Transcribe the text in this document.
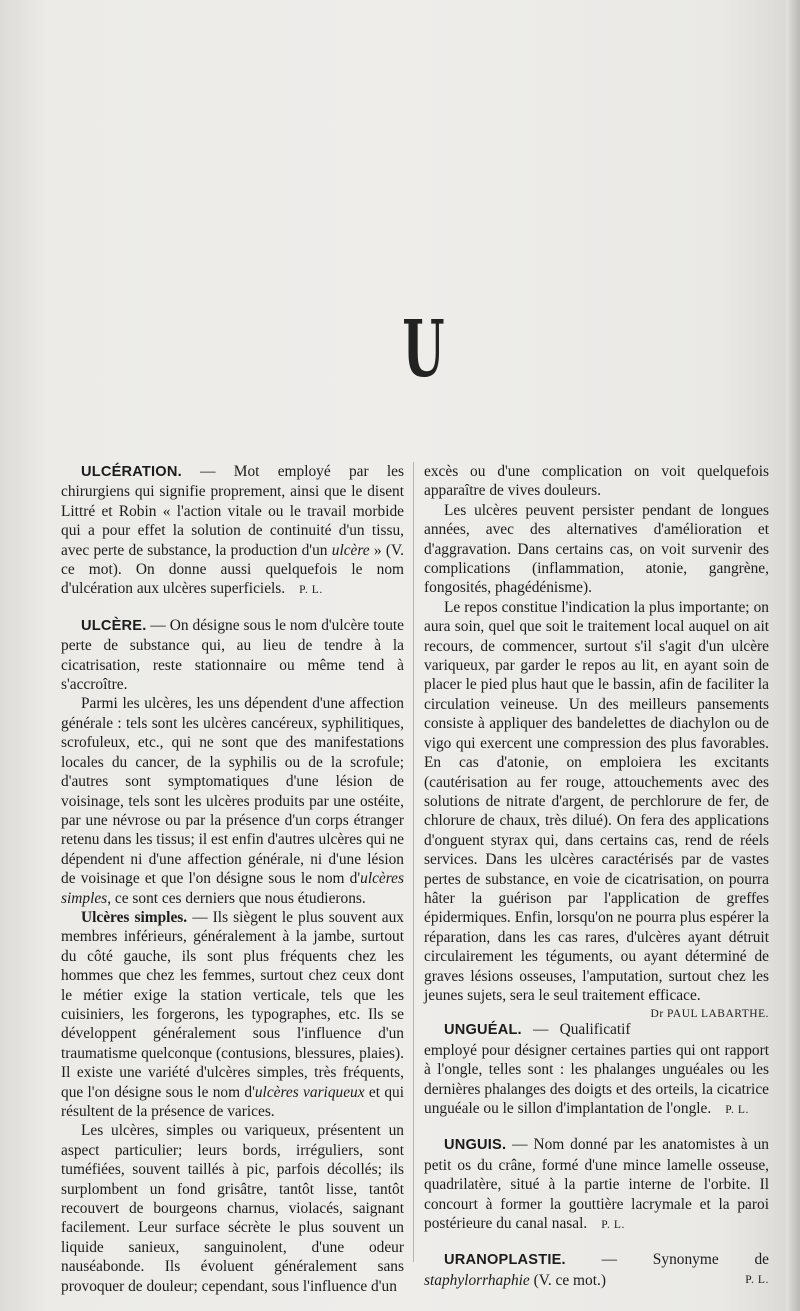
U

ULCÉRATION. — Mot employé par les chirurgiens qui signifie proprement, ainsi que le disent Littré et Robin « l'action vitale ou le travail morbide qui a pour effet la solution de continuité d'un tissu, avec perte de substance, la production d'un ulcère » (V. ce mot). On donne aussi quelquefois le nom d'ulcération aux ulcères superficiels. P. L.

ULCÈRE. — On désigne sous le nom d'ulcère toute perte de substance qui, au lieu de tendre à la cicatrisation, reste stationnaire ou même tend à s'accroître.

Parmi les ulcères, les uns dépendent d'une affection générale : tels sont les ulcères cancéreux, syphilitiques, scrofuleux, etc., qui ne sont que des manifestations locales du cancer, de la syphilis ou de la scrofule; d'autres sont symptomatiques d'une lésion de voisinage, tels sont les ulcères produits par une ostéite, par une névrose ou par la présence d'un corps étranger retenu dans les tissus; il est enfin d'autres ulcères qui ne dépendent ni d'une affection générale, ni d'une lésion de voisinage et que l'on désigne sous le nom d'ulcères simples, ce sont ces derniers que nous étudierons.

Ulcères simples. — Ils siègent le plus souvent aux membres inférieurs, généralement à la jambe, surtout du côté gauche, ils sont plus fréquents chez les hommes que chez les femmes, surtout chez ceux dont le métier exige la station verticale, tels que les cuisiniers, les forgerons, les typographes, etc. Ils se développent généralement sous l'influence d'un traumatisme quelconque (contusions, blessures, plaies). Il existe une variété d'ulcères simples, très fréquents, que l'on désigne sous le nom d'ulcères variqueux et qui résultent de la présence de varices.

Les ulcères, simples ou variqueux, présentent un aspect particulier; leurs bords, irréguliers, sont tuméfiées, souvent taillés à pic, parfois décollés; ils surplombent un fond grisâtre, tantôt lisse, tantôt recouvert de bourgeons charnus, violacés, saignant facilement. Leur surface sécrète le plus souvent un liquide sanieux, sanguinolent, d'une odeur nauséabonde. Ils évoluent généralement sans provoquer de douleur; cependant, sous l'influence d'un

excès ou d'une complication on voit quelquefois apparaître de vives douleurs.

Les ulcères peuvent persister pendant de longues années, avec des alternatives d'amélioration et d'aggravation. Dans certains cas, on voit survenir des complications (inflammation, atonie, gangrène, fongosités, phagédénisme).

Le repos constitue l'indication la plus importante; on aura soin, quel que soit le traitement local auquel on ait recours, de commencer, surtout s'il s'agit d'un ulcère variqueux, par garder le repos au lit, en ayant soin de placer le pied plus haut que le bassin, afin de faciliter la circulation veineuse. Un des meilleurs pansements consiste à appliquer des bandelettes de diachylon ou de vigo qui exercent une compression des plus favorables. En cas d'atonie, on emploiera les excitants (cautérisation au fer rouge, attouchements avec des solutions de nitrate d'argent, de perchlorure de fer, de chlorure de chaux, très dilué). On fera des applications d'onguent styrax qui, dans certains cas, rend de réels services. Dans les ulcères caractérisés par de vastes pertes de substance, en voie de cicatrisation, on pourra hâter la guérison par l'application de greffes épidermiques. Enfin, lorsqu'on ne pourra plus espérer la réparation, dans les cas rares, d'ulcères ayant détruit circulairement les téguments, ou ayant déterminé de graves lésions osseuses, l'amputation, surtout chez les jeunes sujets, sera le seul traitement efficace.
Dr PAUL LABARTHE.

UNGUÉAL. — Qualificatif employé pour désigner certaines parties qui ont rapport à l'ongle, telles sont : les phalanges unguéales ou les dernières phalanges des doigts et des orteils, la cicatrice unguéale ou le sillon d'implantation de l'ongle. P. L.

UNGUIS. — Nom donné par les anatomistes à un petit os du crâne, formé d'une mince lamelle osseuse, quadrilatère, situé à la partie interne de l'orbite. Il concourt à former la gouttière lacrymale et la paroi postérieure du canal nasal. P. L.

URANOPLASTIE. — Synonyme de staphylorrhaphie (V. ce mot.)	P. L.
